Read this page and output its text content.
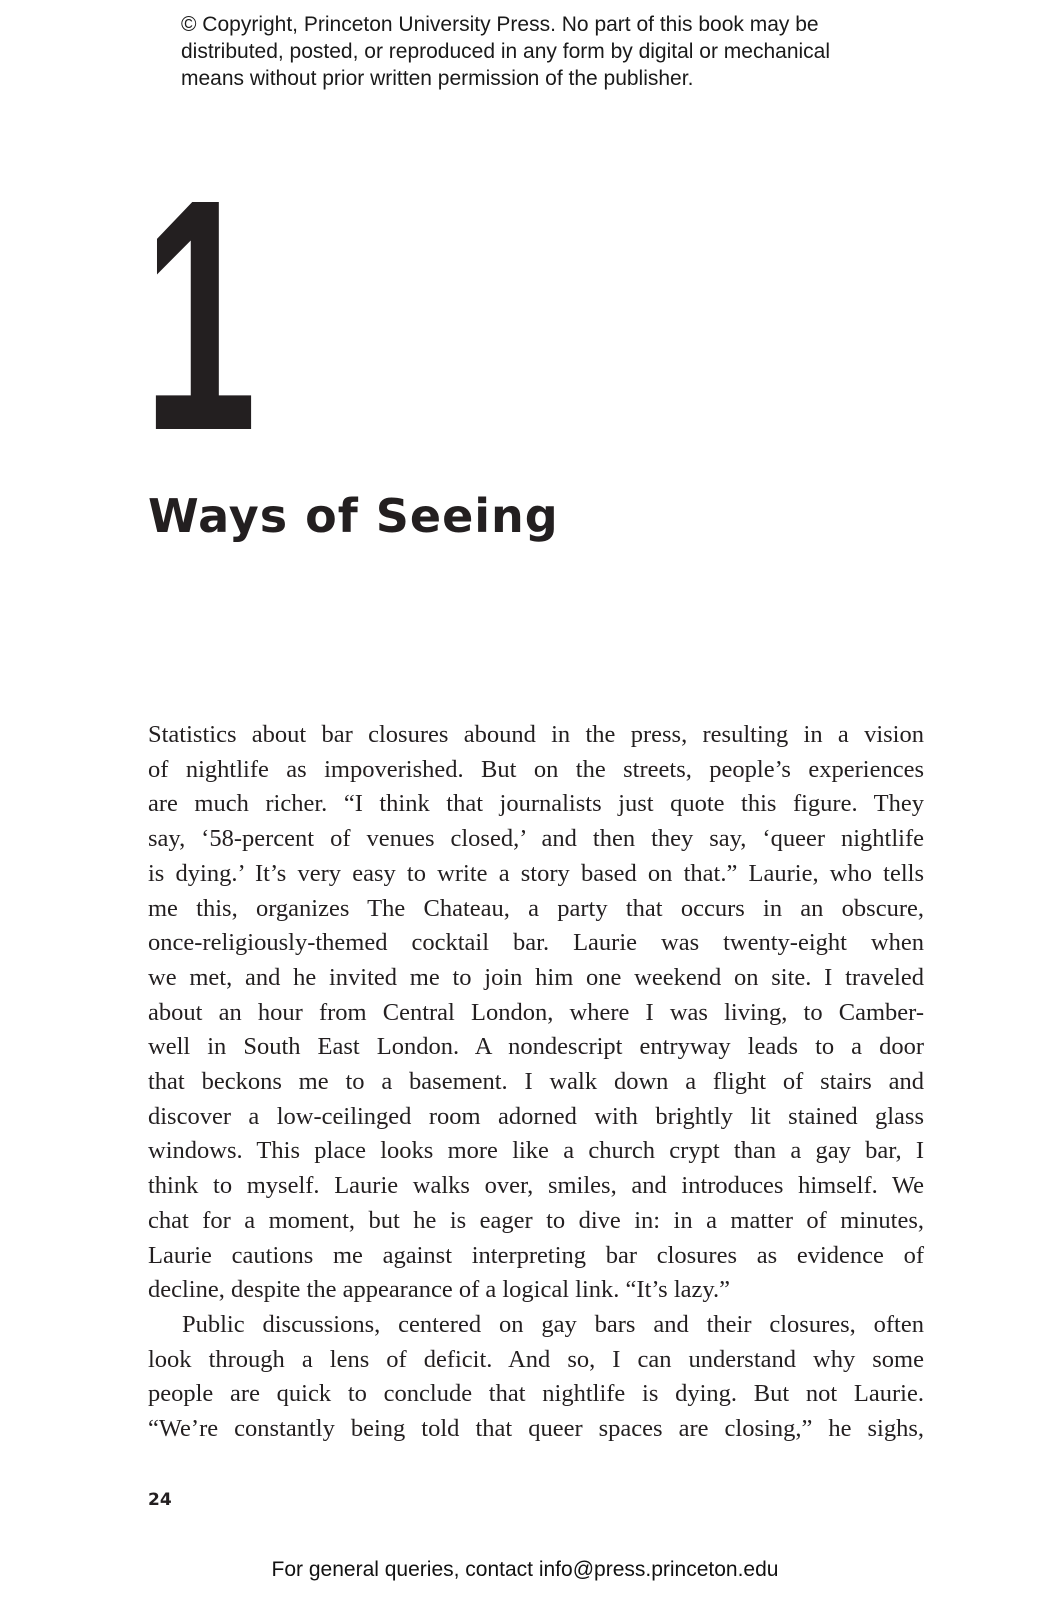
© Copyright, Princeton University Press. No part of this book may be
distributed, posted, or reproduced in any form by digital or mechanical
means without prior written permission of the publisher.
1
Ways of Seeing
Statistics about bar closures abound in the press, resulting in a vision
of nightlife as impoverished. But on the streets, people’s experiences
are much richer. “I think that journalists just quote this figure. They
say, ‘58-percent of venues closed,’ and then they say, ‘queer nightlife
is dying.’ It’s very easy to write a story based on that.” Laurie, who tells
me this, organizes The Chateau, a party that occurs in an obscure,
once-religiously-themed cocktail bar. Laurie was twenty-eight when
we met, and he invited me to join him one weekend on site. I traveled
about an hour from Central London, where I was living, to Camber-
well in South East London. A nondescript entryway leads to a door
that beckons me to a basement. I walk down a flight of stairs and
discover a low-ceilinged room adorned with brightly lit stained glass
windows. This place looks more like a church crypt than a gay bar, I
think to myself. Laurie walks over, smiles, and introduces himself. We
chat for a moment, but he is eager to dive in: in a matter of minutes,
Laurie cautions me against interpreting bar closures as evidence of
decline, despite the appearance of a logical link. “It’s lazy.”
Public discussions, centered on gay bars and their closures, often
look through a lens of deficit. And so, I can understand why some
people are quick to conclude that nightlife is dying. But not Laurie.
“We’re constantly being told that queer spaces are closing,” he sighs,
24
For general queries, contact info@press.princeton.edu
